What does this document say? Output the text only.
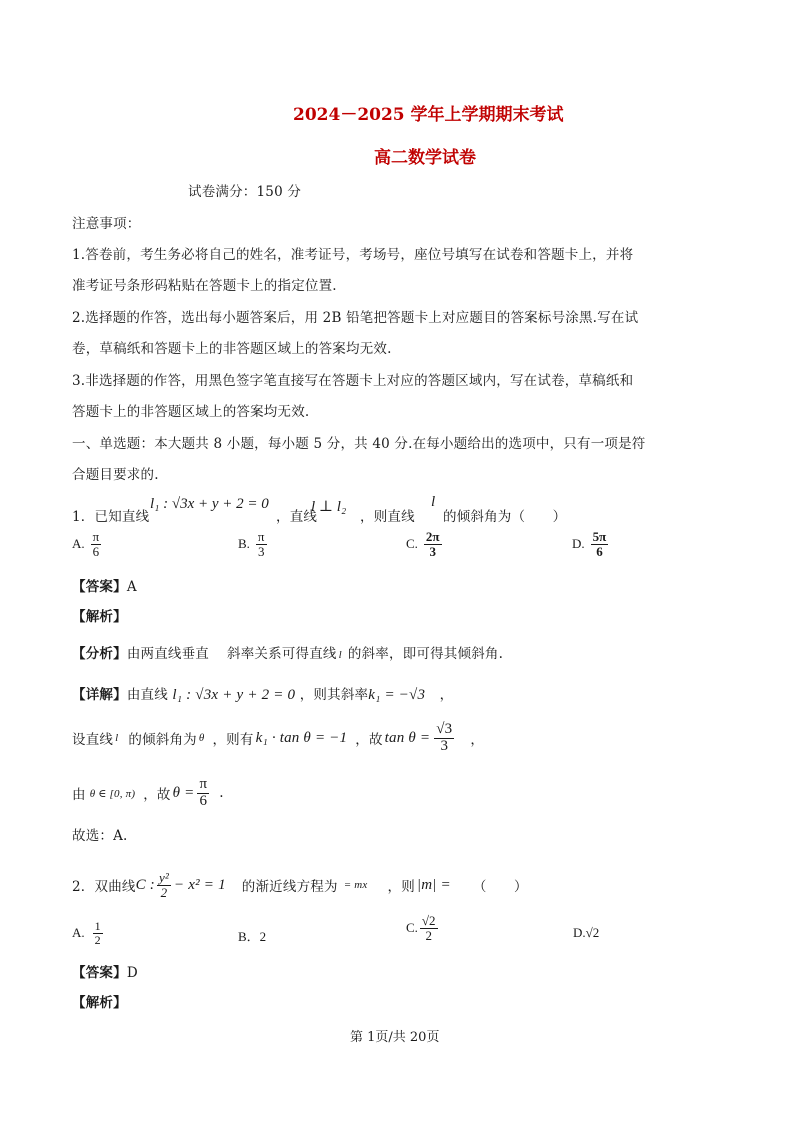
2024－2025 学年上学期期末考试
高二数学试卷
试卷满分：150 分
注意事项：
1.答卷前，考生务必将自己的姓名，准考证号，考场号，座位号填写在试卷和答题卡上，并将
准考证号条形码粘贴在答题卡上的指定位置.
2.选择题的作答，选出每小题答案后，用 2B 铅笔把答题卡上对应题目的答案标号涂黑.写在试
卷，草稿纸和答题卡上的非答题区域上的答案均无效.
3.非选择题的作答，用黑色签字笔直接写在答题卡上对应的答题区域内，写在试卷，草稿纸和
答题卡上的非答题区域上的答案均无效.
一、单选题：本大题共 8 小题，每小题 5 分，共 40 分.在每小题给出的选项中，只有一项是符
合题目要求的.
1．已知直线
l₁ : √3x + y + 2 = 0
，直线
l ⊥ l₂
，则直线
l
的倾斜角为（　　）
A. $\frac{\pi}{6}$	B. $\frac{\pi}{3}$	C. $\frac{2\pi}{3}$	D. $\frac{5\pi}{6}$
【答案】A
【解析】
【分析】由两直线垂直 斜率关系可得直线 l 的斜率，即可得其倾斜角.
【详解】由直线 l₁ : √3x + y + 2 = 0 ，则其斜率k₁ = −√3 ，
设直线 l 的倾斜角为 θ ，则有 k₁ · tan θ = −1 ，故 $\tan \theta = \frac{√3}{3}$ ，
由 θ ∈ [0, π) ，故 $\theta = \frac{\pi}{6}$ .
故选：A.
2．双曲线 C : $\frac{\text{y²}}{2} - x^2 = 1$ 的渐近线方程为 = mx ，则 |m| = （　　）
A. $\frac{1}{2}$	B．2
C. $\frac{√2}{2}$	D.√2
【答案】D
【解析】
第 1页/共 20页
